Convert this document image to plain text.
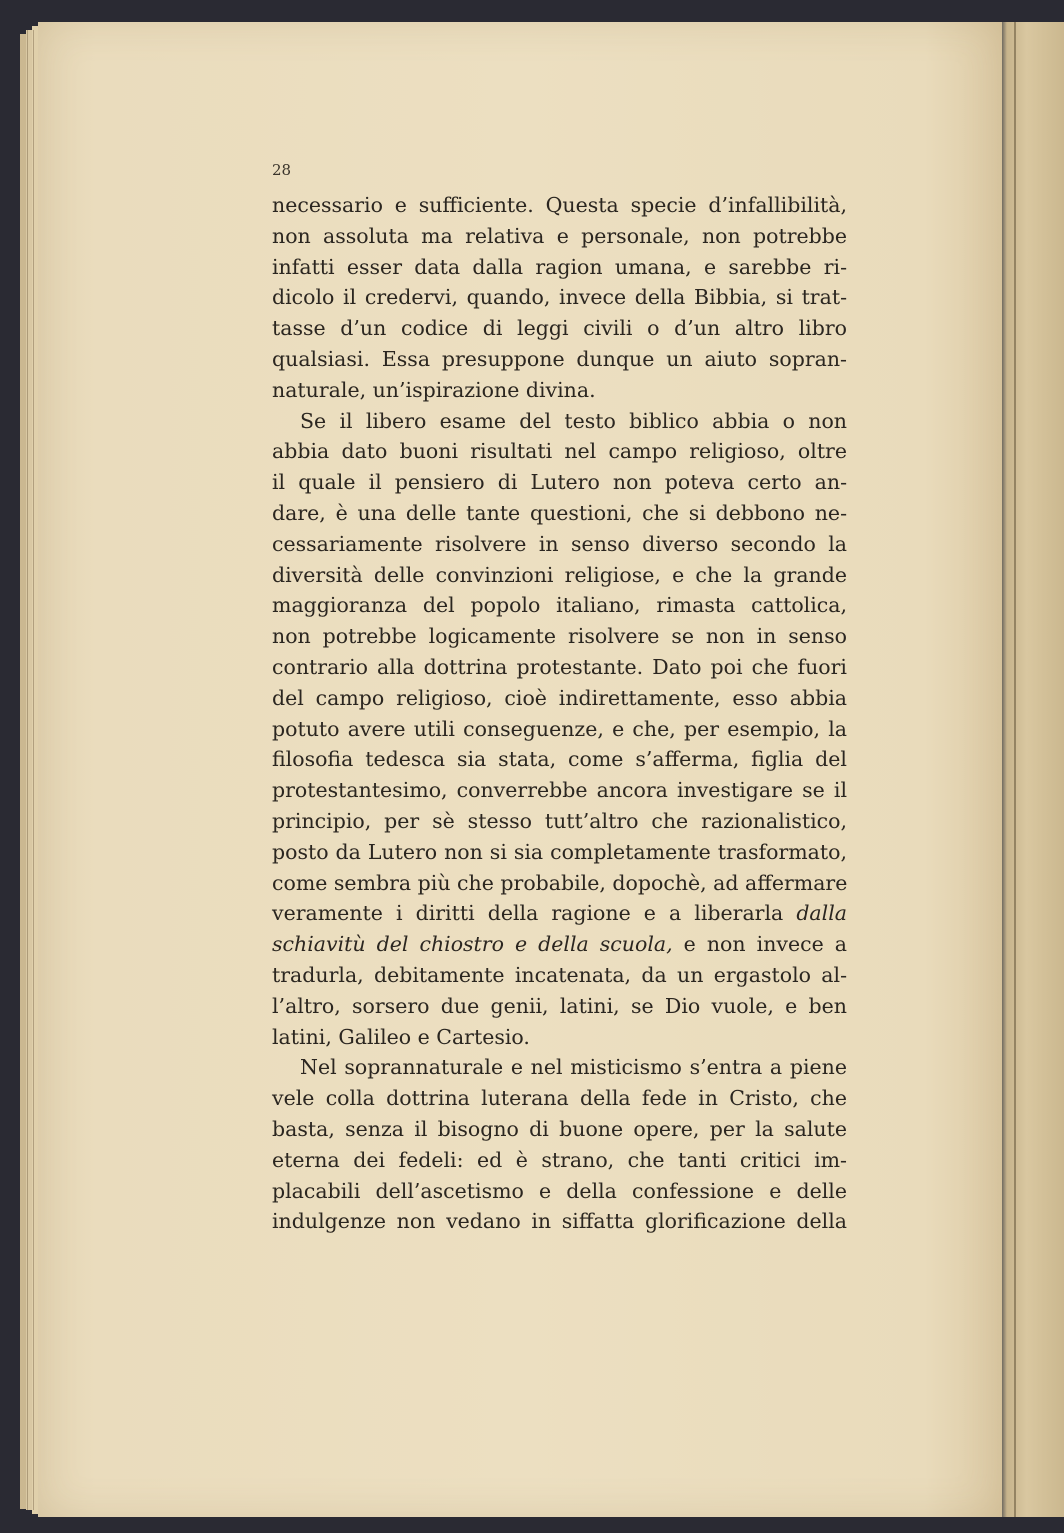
28
necessario e sufficiente. Questa specie d’infallibilità,
non assoluta ma relativa e personale, non potrebbe
infatti esser data dalla ragion umana, e sarebbe ri-
dicolo il credervi, quando, invece della Bibbia, si trat-
tasse d’un codice di leggi civili o d’un altro libro
qualsiasi. Essa presuppone dunque un aiuto sopran-
naturale, un’ispirazione divina.
Se il libero esame del testo biblico abbia o non
abbia dato buoni risultati nel campo religioso, oltre
il quale il pensiero di Lutero non poteva certo an-
dare, è una delle tante questioni, che si debbono ne-
cessariamente risolvere in senso diverso secondo la
diversità delle convinzioni religiose, e che la grande
maggioranza del popolo italiano, rimasta cattolica,
non potrebbe logicamente risolvere se non in senso
contrario alla dottrina protestante. Dato poi che fuori
del campo religioso, cioè indirettamente, esso abbia
potuto avere utili conseguenze, e che, per esempio, la
filosofia tedesca sia stata, come s’afferma, figlia del
protestantesimo, converrebbe ancora investigare se il
principio, per sè stesso tutt’altro che razionalistico,
posto da Lutero non si sia completamente trasformato,
come sembra più che probabile, dopochè, ad affermare
veramente i diritti della ragione e a liberarla dalla
schiavitù del chiostro e della scuola, e non invece a
tradurla, debitamente incatenata, da un ergastolo al-
l’altro, sorsero due genii, latini, se Dio vuole, e ben
latini, Galileo e Cartesio.
Nel soprannaturale e nel misticismo s’entra a piene
vele colla dottrina luterana della fede in Cristo, che
basta, senza il bisogno di buone opere, per la salute
eterna dei fedeli: ed è strano, che tanti critici im-
placabili dell’ascetismo e della confessione e delle
indulgenze non vedano in siffatta glorificazione della
